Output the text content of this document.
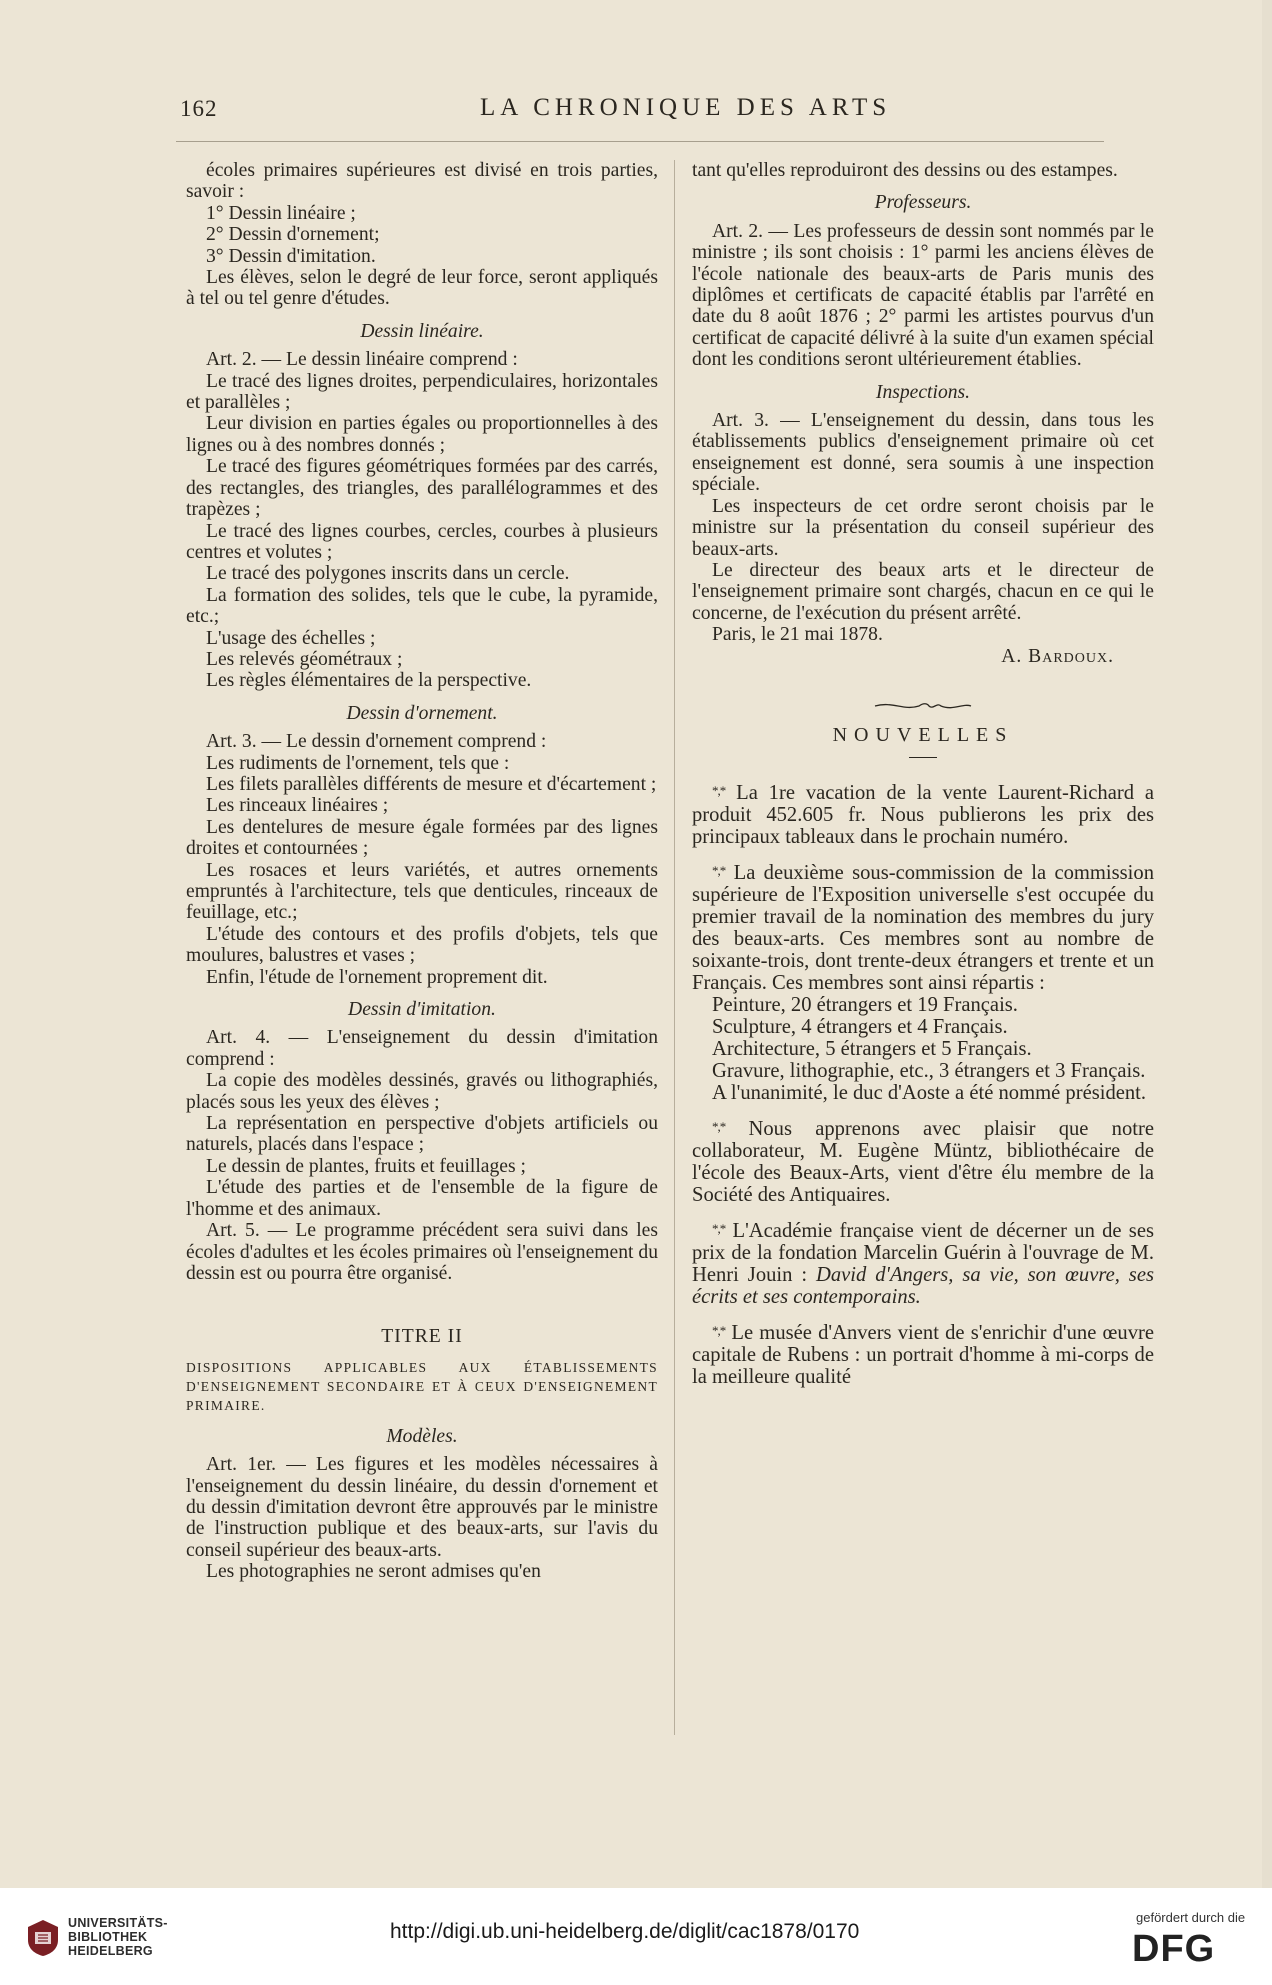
162	LA CHRONIQUE DES ARTS

écoles primaires supérieures est divisé en trois parties, savoir :

1° Dessin linéaire ;

2° Dessin d'ornement;

3° Dessin d'imitation.

Les élèves, selon le degré de leur force, seront appliqués à tel ou tel genre d'études.

Dessin linéaire.

Art. 2. — Le dessin linéaire comprend :

Le tracé des lignes droites, perpendiculaires, horizontales et parallèles ;

Leur division en parties égales ou proportionnelles à des lignes ou à des nombres donnés ;

Le tracé des figures géométriques formées par des carrés, des rectangles, des triangles, des parallélogrammes et des trapèzes ;

Le tracé des lignes courbes, cercles, courbes à plusieurs centres et volutes ;

Le tracé des polygones inscrits dans un cercle.

La formation des solides, tels que le cube, la pyramide, etc.;

L'usage des échelles ;

Les relevés géométraux ;

Les règles élémentaires de la perspective.

Dessin d'ornement.

Art. 3. — Le dessin d'ornement comprend :

Les rudiments de l'ornement, tels que :

Les filets parallèles différents de mesure et d'écartement ;

Les rinceaux linéaires ;

Les dentelures de mesure égale formées par des lignes droites et contournées ;

Les rosaces et leurs variétés, et autres ornements empruntés à l'architecture, tels que denticules, rinceaux de feuillage, etc.;

L'étude des contours et des profils d'objets, tels que moulures, balustres et vases ;

Enfin, l'étude de l'ornement proprement dit.

Dessin d'imitation.

Art. 4. — L'enseignement du dessin d'imitation comprend :

La copie des modèles dessinés, gravés ou lithographiés, placés sous les yeux des élèves ;

La représentation en perspective d'objets artificiels ou naturels, placés dans l'espace ;

Le dessin de plantes, fruits et feuillages ;

L'étude des parties et de l'ensemble de la figure de l'homme et des animaux.

Art. 5. — Le programme précédent sera suivi dans les écoles d'adultes et les écoles primaires où l'enseignement du dessin est ou pourra être organisé.

TITRE II

DISPOSITIONS APPLICABLES AUX ÉTABLISSEMENTS D'ENSEIGNEMENT SECONDAIRE ET À CEUX D'ENSEIGNEMENT PRIMAIRE.

Modèles.

Art. 1er. — Les figures et les modèles nécessaires à l'enseignement du dessin linéaire, du dessin d'ornement et du dessin d'imitation devront être approuvés par le ministre de l'instruction publique et des beaux-arts, sur l'avis du conseil supérieur des beaux-arts.

Les photographies ne seront admises qu'en

tant qu'elles reproduiront des dessins ou des estampes.

Professeurs.

Art. 2. — Les professeurs de dessin sont nommés par le ministre ; ils sont choisis : 1° parmi les anciens élèves de l'école nationale des beaux-arts de Paris munis des diplômes et certificats de capacité établis par l'arrêté en date du 8 août 1876 ; 2° parmi les artistes pourvus d'un certificat de capacité délivré à la suite d'un examen spécial dont les conditions seront ultérieurement établies.

Inspections.

Art. 3. — L'enseignement du dessin, dans tous les établissements publics d'enseignement primaire où cet enseignement est donné, sera soumis à une inspection spéciale.

Les inspecteurs de cet ordre seront choisis par le ministre sur la présentation du conseil supérieur des beaux-arts.

Le directeur des beaux arts et le directeur de l'enseignement primaire sont chargés, chacun en ce qui le concerne, de l'exécution du présent arrêté.

Paris, le 21 mai 1878.

A. Bardoux.

NOUVELLES

*,* La 1re vacation de la vente Laurent-Richard a produit 452.605 fr. Nous publierons les prix des principaux tableaux dans le prochain numéro.

*,* La deuxième sous-commission de la commission supérieure de l'Exposition universelle s'est occupée du premier travail de la nomination des membres du jury des beaux-arts. Ces membres sont au nombre de soixante-trois, dont trente-deux étrangers et trente et un Français. Ces membres sont ainsi répartis :

Peinture, 20 étrangers et 19 Français.

Sculpture, 4 étrangers et 4 Français.

Architecture, 5 étrangers et 5 Français.

Gravure, lithographie, etc., 3 étrangers et 3 Français.

A l'unanimité, le duc d'Aoste a été nommé président.

*,* Nous apprenons avec plaisir que notre collaborateur, M. Eugène Müntz, bibliothécaire de l'école des Beaux-Arts, vient d'être élu membre de la Société des Antiquaires.

*,* L'Académie française vient de décerner un de ses prix de la fondation Marcelin Guérin à l'ouvrage de M. Henri Jouin : David d'Angers, sa vie, son œuvre, ses écrits et ses contemporains.

*,* Le musée d'Anvers vient de s'enrichir d'une œuvre capitale de Rubens : un portrait d'homme à mi-corps de la meilleure qualité

UNIVERSITÄTS-
BIBLIOTHEK
HEIDELBERG
http://digi.ub.uni-heidelberg.de/diglit/cac1878/0170
gefördert durch die
DFG
